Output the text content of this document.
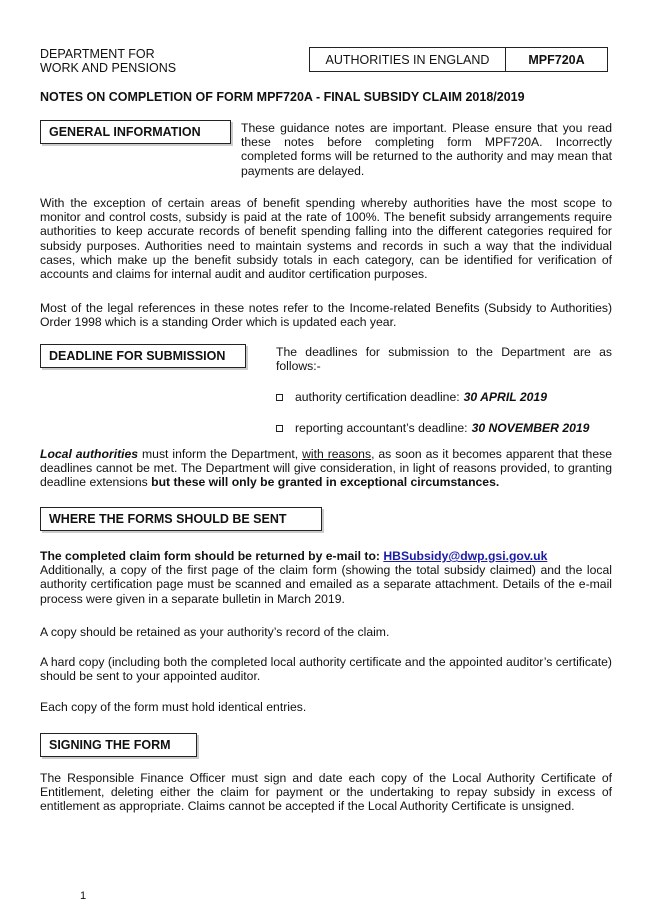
DEPARTMENT FOR
WORK AND PENSIONS
AUTHORITIES IN ENGLAND	MPF720A
NOTES ON COMPLETION OF FORM MPF720A - FINAL SUBSIDY CLAIM 2018/2019
GENERAL INFORMATION	These guidance notes are important. Please ensure that you read these notes before completing form MPF720A. Incorrectly completed forms will be returned to the authority and may mean that payments are delayed.
With the exception of certain areas of benefit spending whereby authorities have the most scope to monitor and control costs, subsidy is paid at the rate of 100%. The benefit subsidy arrangements require authorities to keep accurate records of benefit spending falling into the different categories required for subsidy purposes. Authorities need to maintain systems and records in such a way that the individual cases, which make up the benefit subsidy totals in each category, can be identified for verification of accounts and claims for internal audit and auditor certification purposes.
Most of the legal references in these notes refer to the Income-related Benefits (Subsidy to Authorities) Order 1998 which is a standing Order which is updated each year.
DEADLINE FOR SUBMISSION	The deadlines for submission to the Department are as follows:-
authority certification deadline: 30 APRIL 2019
reporting accountant’s deadline: 30 NOVEMBER 2019
Local authorities must inform the Department, with reasons, as soon as it becomes apparent that these deadlines cannot be met. The Department will give consideration, in light of reasons provided, to granting deadline extensions but these will only be granted in exceptional circumstances.
WHERE THE FORMS SHOULD BE SENT
The completed claim form should be returned by e-mail to: HBSubsidy@dwp.gsi.gov.uk
Additionally, a copy of the first page of the claim form (showing the total subsidy claimed) and the local authority certification page must be scanned and emailed as a separate attachment. Details of the e-mail process were given in a separate bulletin in March 2019.
A copy should be retained as your authority’s record of the claim.
A hard copy (including both the completed local authority certificate and the appointed auditor’s certificate) should be sent to your appointed auditor.
Each copy of the form must hold identical entries.
SIGNING THE FORM
The Responsible Finance Officer must sign and date each copy of the Local Authority Certificate of Entitlement, deleting either the claim for payment or the undertaking to repay subsidy in excess of entitlement as appropriate. Claims cannot be accepted if the Local Authority Certificate is unsigned.
1
